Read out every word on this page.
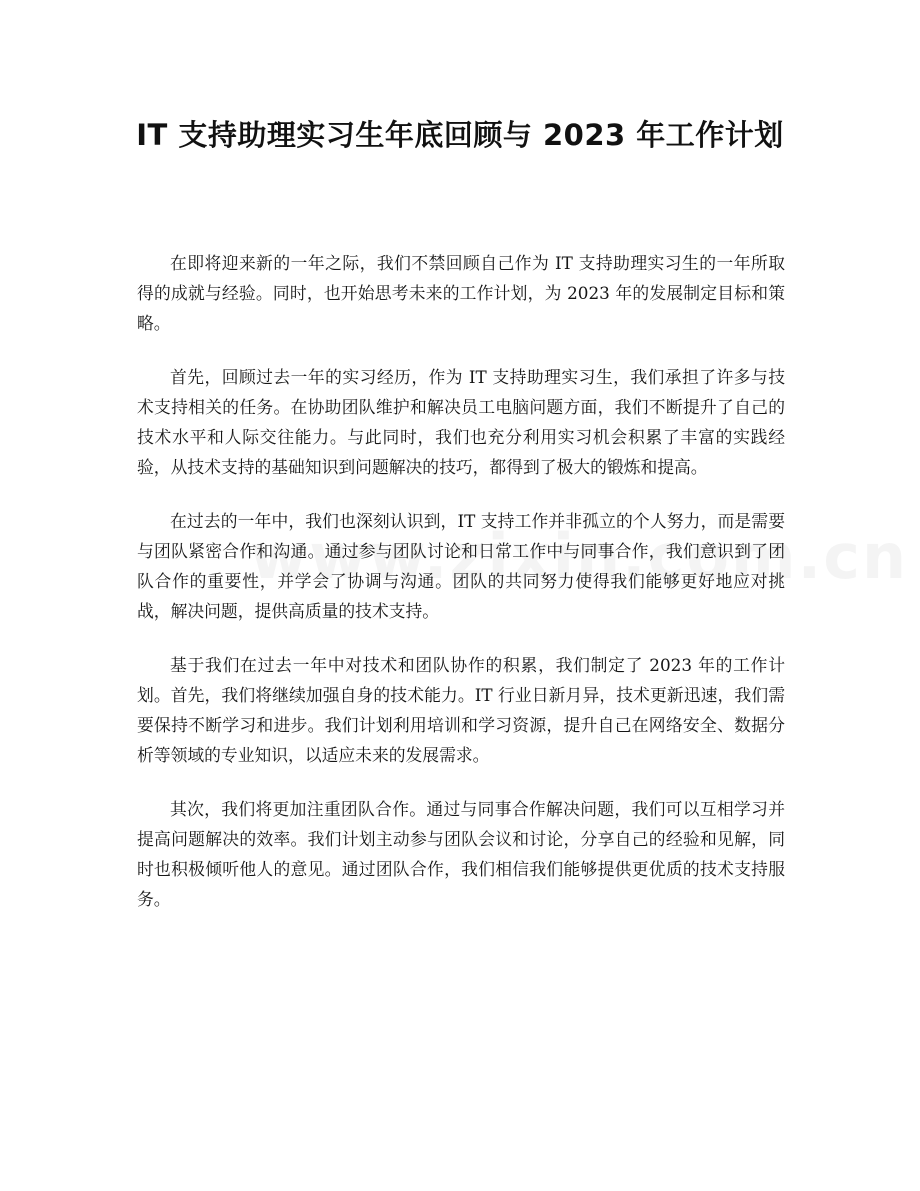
IT 支持助理实习生年底回顾与 2023 年工作计划

在即将迎来新的一年之际，我们不禁回顾自己作为 IT 支持助理实习生的一年所取得的成就与经验。同时，也开始思考未来的工作计划，为 2023 年的发展制定目标和策略。

首先，回顾过去一年的实习经历，作为 IT 支持助理实习生，我们承担了许多与技术支持相关的任务。在协助团队维护和解决员工电脑问题方面，我们不断提升了自己的技术水平和人际交往能力。与此同时，我们也充分利用实习机会积累了丰富的实践经验，从技术支持的基础知识到问题解决的技巧，都得到了极大的锻炼和提高。

在过去的一年中，我们也深刻认识到，IT 支持工作并非孤立的个人努力，而是需要与团队紧密合作和沟通。通过参与团队讨论和日常工作中与同事合作，我们意识到了团队合作的重要性，并学会了协调与沟通。团队的共同努力使得我们能够更好地应对挑战，解决问题，提供高质量的技术支持。

基于我们在过去一年中对技术和团队协作的积累，我们制定了 2023 年的工作计划。首先，我们将继续加强自身的技术能力。IT 行业日新月异，技术更新迅速，我们需要保持不断学习和进步。我们计划利用培训和学习资源，提升自己在网络安全、数据分析等领域的专业知识，以适应未来的发展需求。

其次，我们将更加注重团队合作。通过与同事合作解决问题，我们可以互相学习并提高问题解决的效率。我们计划主动参与团队会议和讨论，分享自己的经验和见解，同时也积极倾听他人的意见。通过团队合作，我们相信我们能够提供更优质的技术支持服务。
